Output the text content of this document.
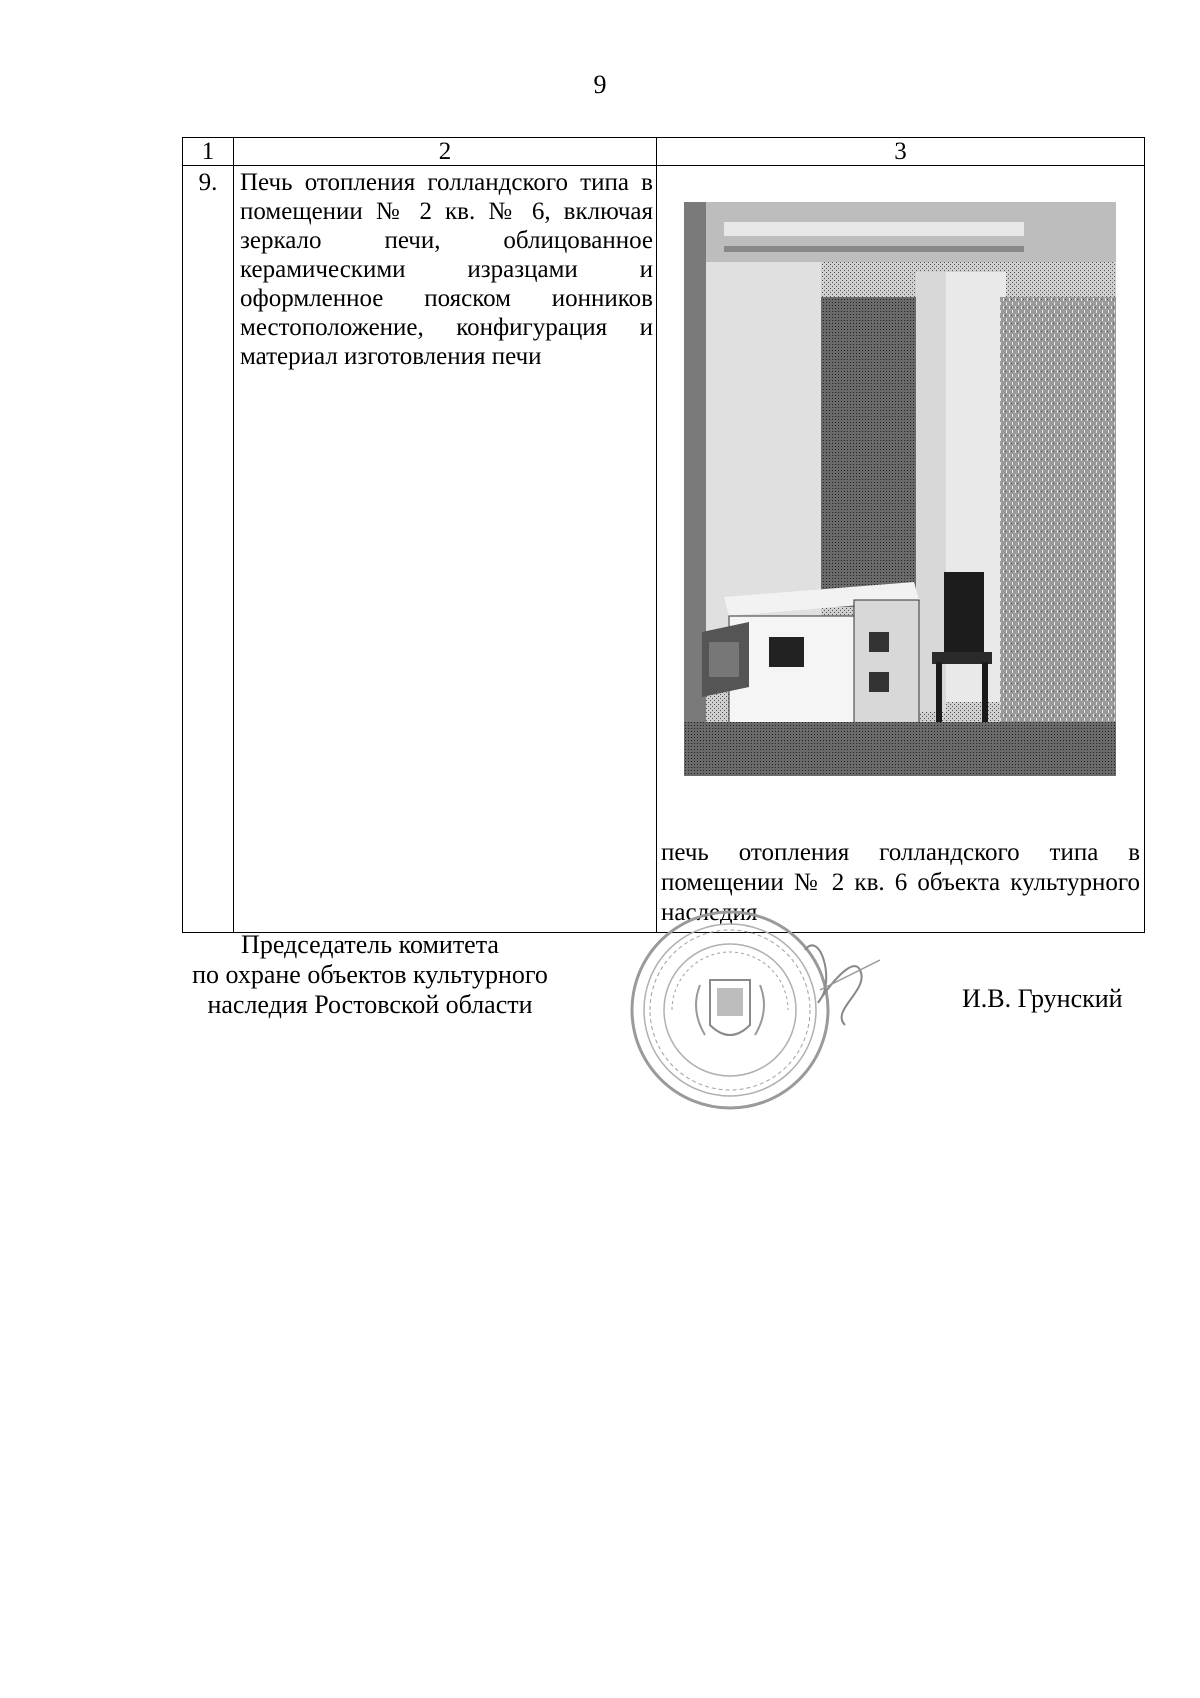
9
1	2	3
9.	Печь отопления голландского типа в помещении № 2 кв. № 6, включая зеркало печи, облицованное керамическими изразцами и оформленное пояском ионников местоположение, конфигурация и материал изготовления печи	печь отопления голландского типа в помещении № 2 кв. 6 объекта культурного наследия
Председатель комитета
по охране объектов культурного
наследия Ростовской области	И.В. Грунский
